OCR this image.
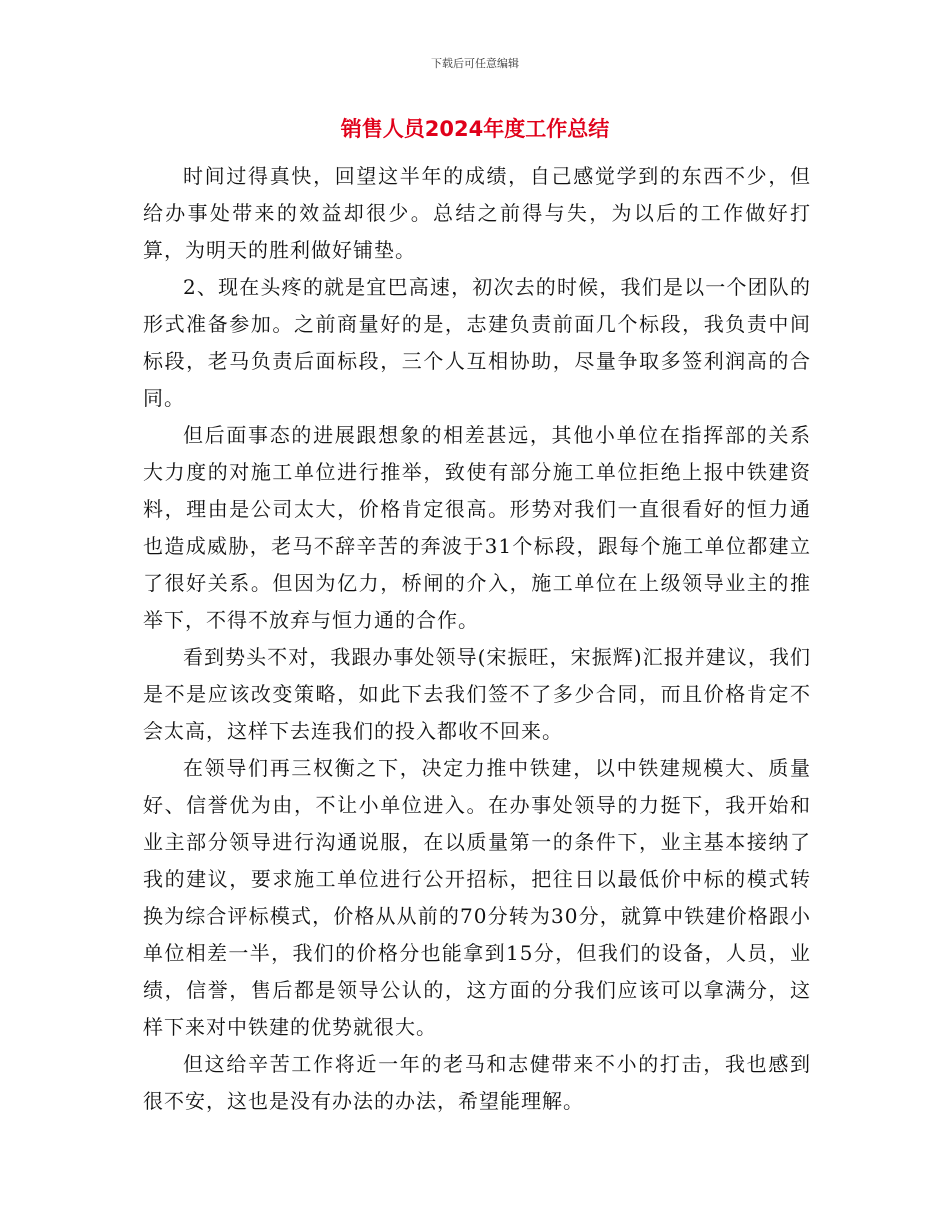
下载后可任意编辑
销售人员2024年度工作总结

时间过得真快，回望这半年的成绩，自己感觉学到的东西不少，但给办事处带来的效益却很少。总结之前得与失，为以后的工作做好打算，为明天的胜利做好铺垫。

2、现在头疼的就是宜巴高速，初次去的时候，我们是以一个团队的形式准备参加。之前商量好的是，志建负责前面几个标段，我负责中间标段，老马负责后面标段，三个人互相协助，尽量争取多签利润高的合同。

但后面事态的进展跟想象的相差甚远，其他小单位在指挥部的关系大力度的对施工单位进行推举，致使有部分施工单位拒绝上报中铁建资料，理由是公司太大，价格肯定很高。形势对我们一直很看好的恒力通也造成威胁，老马不辞辛苦的奔波于31个标段，跟每个施工单位都建立了很好关系。但因为亿力，桥闸的介入，施工单位在上级领导业主的推举下，不得不放弃与恒力通的合作。

看到势头不对，我跟办事处领导(宋振旺，宋振辉)汇报并建议，我们是不是应该改变策略，如此下去我们签不了多少合同，而且价格肯定不会太高，这样下去连我们的投入都收不回来。

在领导们再三权衡之下，决定力推中铁建，以中铁建规模大、质量好、信誉优为由，不让小单位进入。在办事处领导的力挺下，我开始和业主部分领导进行沟通说服，在以质量第一的条件下，业主基本接纳了我的建议，要求施工单位进行公开招标，把往日以最低价中标的模式转换为综合评标模式，价格从从前的70分转为30分，就算中铁建价格跟小单位相差一半，我们的价格分也能拿到15分，但我们的设备，人员，业绩，信誉，售后都是领导公认的，这方面的分我们应该可以拿满分，这样下来对中铁建的优势就很大。

但这给辛苦工作将近一年的老马和志健带来不小的打击，我也感到很不安，这也是没有办法的办法，希望能理解。
